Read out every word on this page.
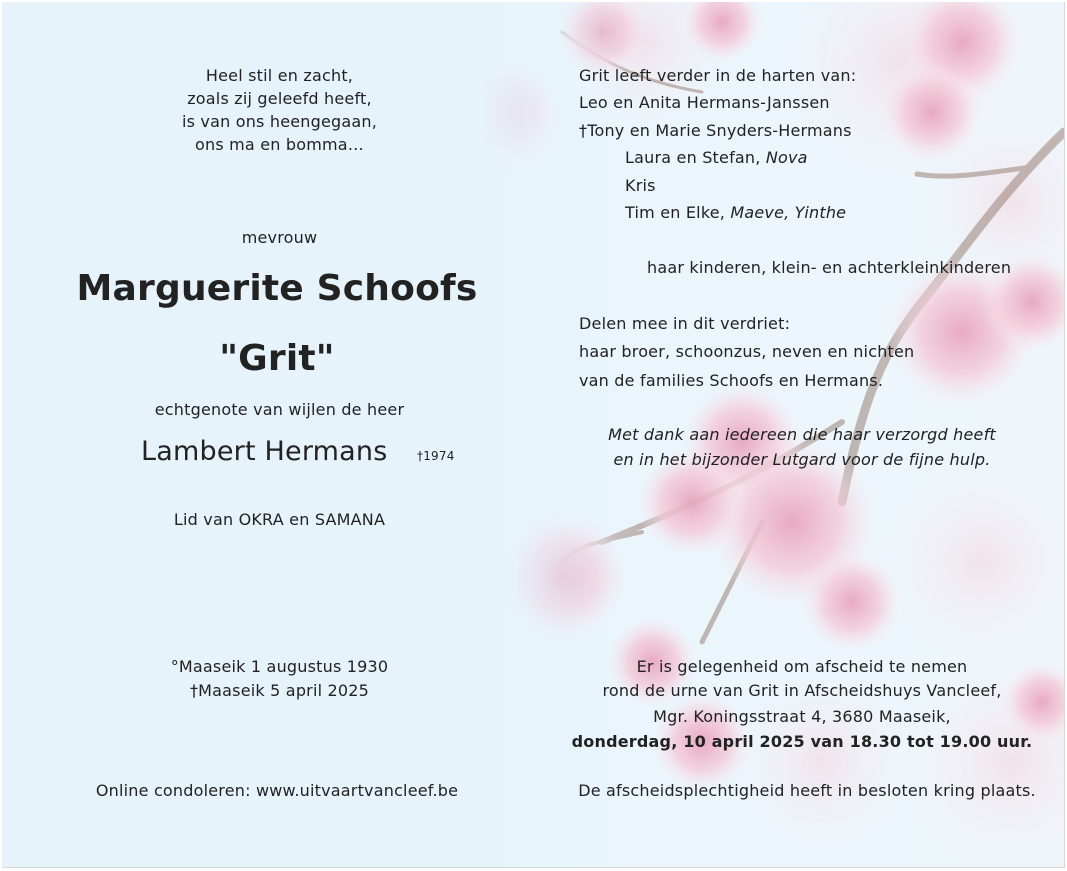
Heel stil en zacht,
zoals zij geleefd heeft,
is van ons heengegaan,
ons ma en bomma…
mevrouw
Marguerite Schoofs
"Grit"
echtgenote van wijlen de heer
Lambert Hermans †1974
Lid van OKRA en SAMANA
°Maaseik 1 augustus 1930
†Maaseik 5 april 2025
Online condoleren: www.uitvaartvancleef.be
Grit leeft verder in de harten van:
Leo en Anita Hermans-Janssen
†Tony en Marie Snyders-Hermans
Laura en Stefan, Nova
Kris
Tim en Elke, Maeve, Yinthe
haar kinderen, klein- en achterkleinkinderen
Delen mee in dit verdriet:
haar broer, schoonzus, neven en nichten
van de families Schoofs en Hermans.
Met dank aan iedereen die haar verzorgd heeft
en in het bijzonder Lutgard voor de fijne hulp.
Er is gelegenheid om afscheid te nemen
rond de urne van Grit in Afscheidshuys Vancleef,
Mgr. Koningsstraat 4, 3680 Maaseik,
donderdag, 10 april 2025 van 18.30 tot 19.00 uur.
De afscheidsplechtigheid heeft in besloten kring plaats.
